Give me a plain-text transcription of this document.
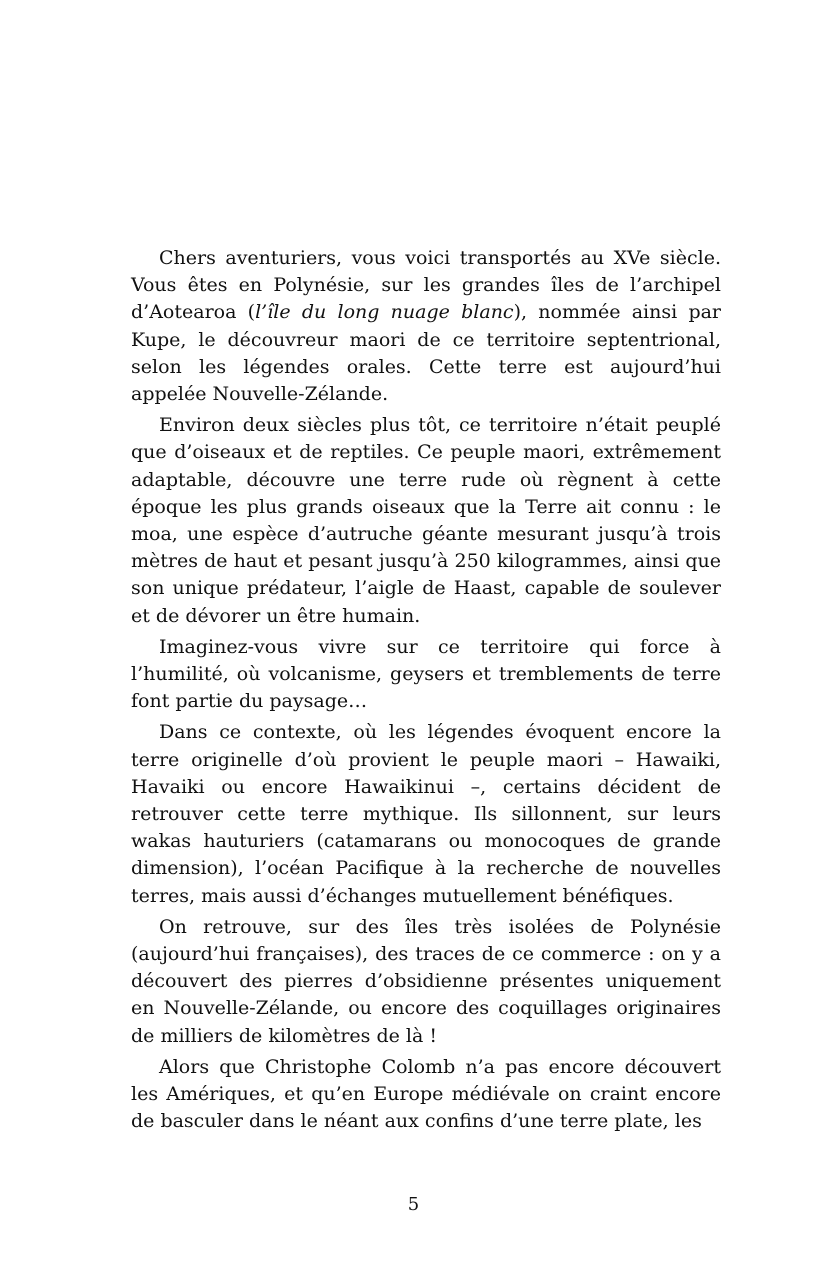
Chers aventuriers, vous voici transportés au XVe siècle. Vous êtes en Polynésie, sur les grandes îles de l’archipel d’Aotearoa (l’île du long nuage blanc), nommée ainsi par Kupe, le découvreur maori de ce territoire septentrional, selon les légendes orales. Cette terre est aujourd’hui appelée Nouvelle-Zélande.

Environ deux siècles plus tôt, ce territoire n’était peuplé que d’oiseaux et de reptiles. Ce peuple maori, extrêmement adaptable, découvre une terre rude où règnent à cette époque les plus grands oiseaux que la Terre ait connu : le moa, une espèce d’autruche géante mesurant jusqu’à trois mètres de haut et pesant jusqu’à 250 kilogrammes, ainsi que son unique prédateur, l’aigle de Haast, capable de soulever et de dévorer un être humain.

Imaginez-vous vivre sur ce territoire qui force à l’humilité, où volcanisme, geysers et tremblements de terre font partie du paysage…

Dans ce contexte, où les légendes évoquent encore la terre originelle d’où provient le peuple maori – Hawaiki, Havaiki ou encore Hawaikinui –, certains décident de retrouver cette terre mythique. Ils sillonnent, sur leurs wakas hauturiers (catamarans ou monocoques de grande dimension), l’océan Pacifique à la recherche de nouvelles terres, mais aussi d’échanges mutuellement bénéfiques.

On retrouve, sur des îles très isolées de Polynésie (aujourd’hui françaises), des traces de ce commerce : on y a découvert des pierres d’obsidienne présentes uniquement en Nouvelle-Zélande, ou encore des coquillages originaires de milliers de kilomètres de là !

Alors que Christophe Colomb n’a pas encore découvert les Amériques, et qu’en Europe médiévale on craint encore de basculer dans le néant aux confins d’une terre plate, les

5
